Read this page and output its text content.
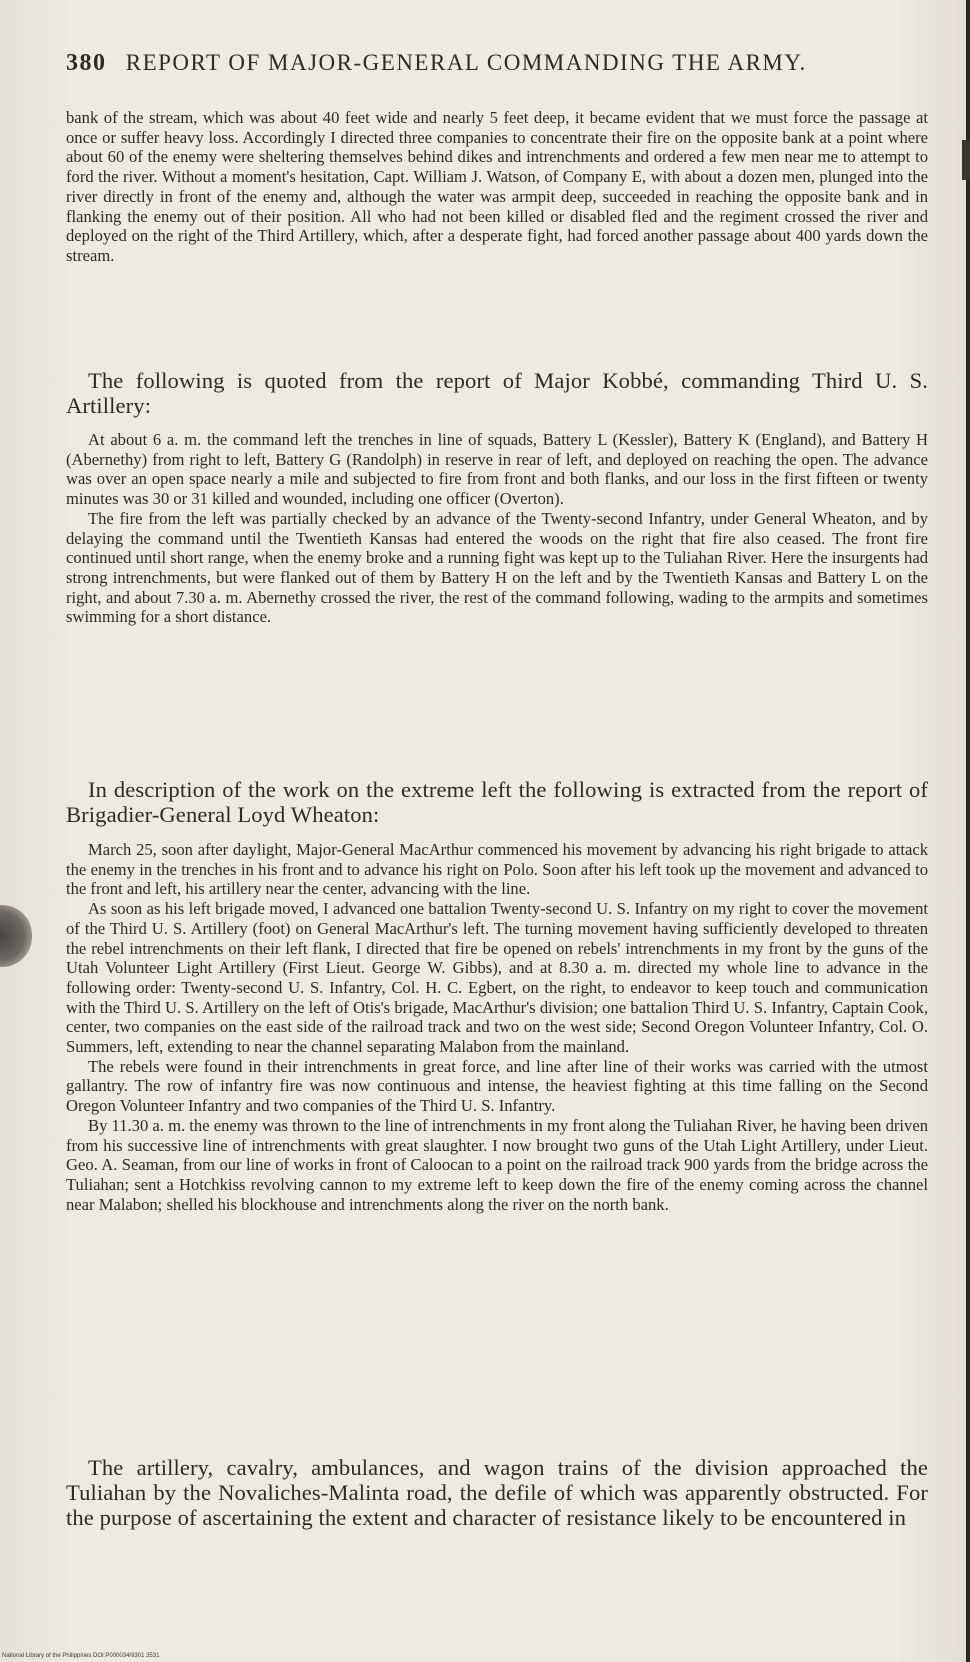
380 REPORT OF MAJOR-GENERAL COMMANDING THE ARMY.
bank of the stream, which was about 40 feet wide and nearly 5 feet deep, it became evident that we must force the passage at once or suffer heavy loss. Accordingly I directed three companies to concentrate their fire on the opposite bank at a point where about 60 of the enemy were sheltering themselves behind dikes and intrenchments and ordered a few men near me to attempt to ford the river. Without a moment's hesitation, Capt. William J. Watson, of Company E, with about a dozen men, plunged into the river directly in front of the enemy and, although the water was armpit deep, succeeded in reaching the opposite bank and in flanking the enemy out of their position. All who had not been killed or disabled fled and the regiment crossed the river and deployed on the right of the Third Artillery, which, after a desperate fight, had forced another passage about 400 yards down the stream.
The following is quoted from the report of Major Kobbé, commanding Third U. S. Artillery:

At about 6 a. m. the command left the trenches in line of squads, Battery L (Kessler), Battery K (England), and Battery H (Abernethy) from right to left, Battery G (Randolph) in reserve in rear of left, and deployed on reaching the open. The advance was over an open space nearly a mile and subjected to fire from front and both flanks, and our loss in the first fifteen or twenty minutes was 30 or 31 killed and wounded, including one officer (Overton).

The fire from the left was partially checked by an advance of the Twenty-second Infantry, under General Wheaton, and by delaying the command until the Twentieth Kansas had entered the woods on the right that fire also ceased. The front fire continued until short range, when the enemy broke and a running fight was kept up to the Tuliahan River. Here the insurgents had strong intrenchments, but were flanked out of them by Battery H on the left and by the Twentieth Kansas and Battery L on the right, and about 7.30 a. m. Abernethy crossed the river, the rest of the command following, wading to the armpits and sometimes swimming for a short distance.

In description of the work on the extreme left the following is extracted from the report of Brigadier-General Loyd Wheaton:

March 25, soon after daylight, Major-General MacArthur commenced his movement by advancing his right brigade to attack the enemy in the trenches in his front and to advance his right on Polo. Soon after his left took up the movement and advanced to the front and left, his artillery near the center, advancing with the line.

As soon as his left brigade moved, I advanced one battalion Twenty-second U. S. Infantry on my right to cover the movement of the Third U. S. Artillery (foot) on General MacArthur's left. The turning movement having sufficiently developed to threaten the rebel intrenchments on their left flank, I directed that fire be opened on rebels' intrenchments in my front by the guns of the Utah Volunteer Light Artillery (First Lieut. George W. Gibbs), and at 8.30 a. m. directed my whole line to advance in the following order: Twenty-second U. S. Infantry, Col. H. C. Egbert, on the right, to endeavor to keep touch and communication with the Third U. S. Artillery on the left of Otis's brigade, MacArthur's division; one battalion Third U. S. Infantry, Captain Cook, center, two companies on the east side of the railroad track and two on the west side; Second Oregon Volunteer Infantry, Col. O. Summers, left, extending to near the channel separating Malabon from the mainland.

The rebels were found in their intrenchments in great force, and line after line of their works was carried with the utmost gallantry. The row of infantry fire was now continuous and intense, the heaviest fighting at this time falling on the Second Oregon Volunteer Infantry and two companies of the Third U. S. Infantry.

By 11.30 a. m. the enemy was thrown to the line of intrenchments in my front along the Tuliahan River, he having been driven from his successive line of intrenchments with great slaughter. I now brought two guns of the Utah Light Artillery, under Lieut. Geo. A. Seaman, from our line of works in front of Caloocan to a point on the railroad track 900 yards from the bridge across the Tuliahan; sent a Hotchkiss revolving cannon to my extreme left to keep down the fire of the enemy coming across the channel near Malabon; shelled his blockhouse and intrenchments along the river on the north bank.

The artillery, cavalry, ambulances, and wagon trains of the division approached the Tuliahan by the Novaliches-Malinta road, the defile of which was apparently obstructed. For the purpose of ascertaining the extent and character of resistance likely to be encountered in
National Library of the Philippines DOI:P000034/9301 3531
